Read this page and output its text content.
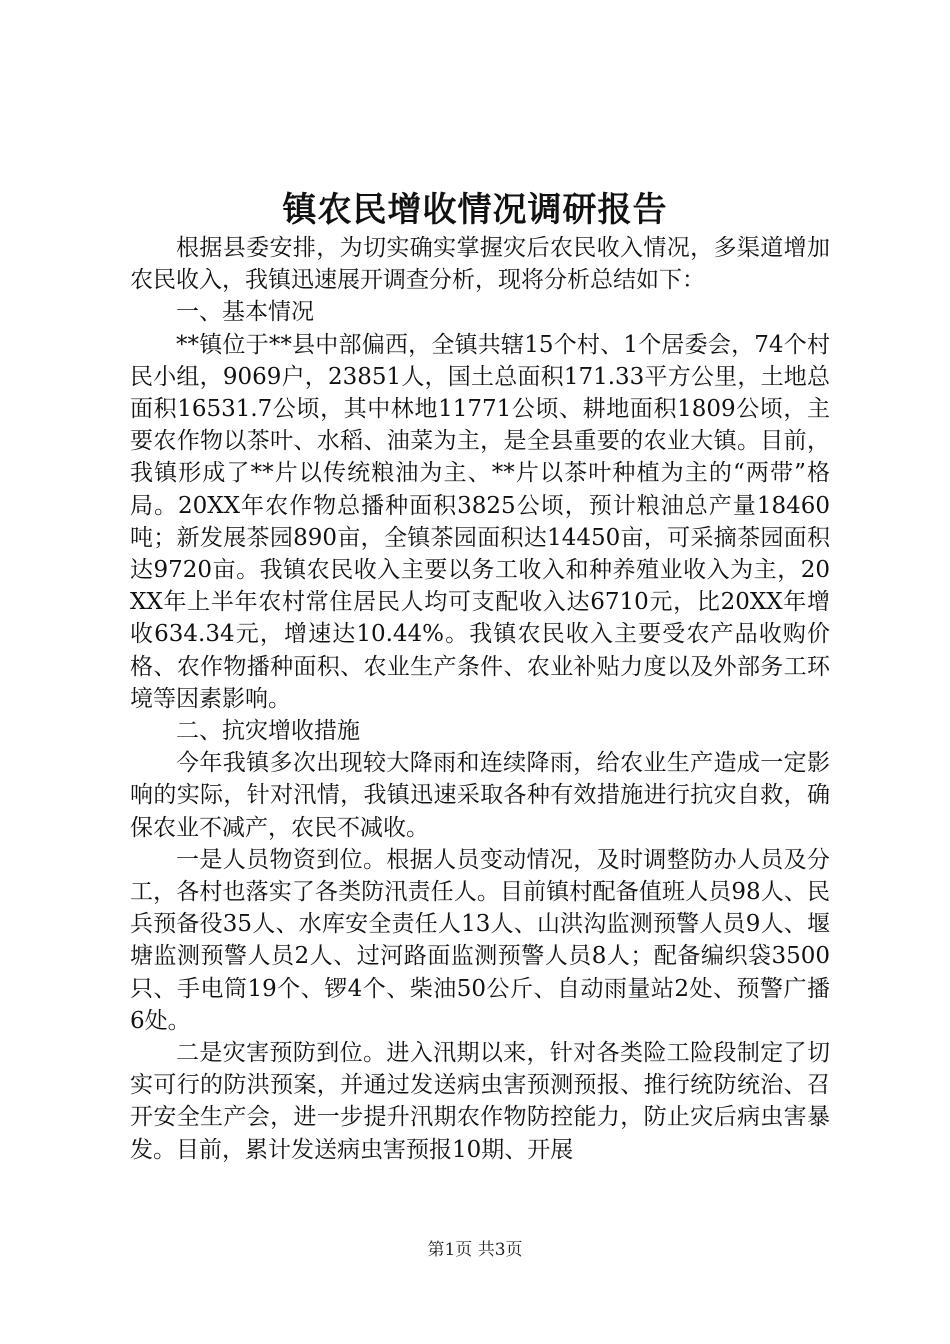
镇农民增收情况调研报告

根据县委安排，为切实确实掌握灾后农民收入情况，多渠道增加农民收入，我镇迅速展开调查分析，现将分析总结如下：

一、基本情况

**镇位于**县中部偏西，全镇共辖15个村、1个居委会，74个村民小组，9069户，23851人，国土总面积171.33平方公里，土地总面积16531.7公顷，其中林地11771公顷、耕地面积1809公顷，主要农作物以茶叶、水稻、油菜为主，是全县重要的农业大镇。目前，我镇形成了**片以传统粮油为主、**片以茶叶种植为主的“两带”格局。20XX年农作物总播种面积3825公顷，预计粮油总产量18460吨；新发展茶园890亩，全镇茶园面积达14450亩，可采摘茶园面积达9720亩。我镇农民收入主要以务工收入和种养殖业收入为主，20XX年上半年农村常住居民人均可支配收入达6710元，比20XX年增收634.34元，增速达10.44%。我镇农民收入主要受农产品收购价格、农作物播种面积、农业生产条件、农业补贴力度以及外部务工环境等因素影响。

二、抗灾增收措施

今年我镇多次出现较大降雨和连续降雨，给农业生产造成一定影响的实际，针对汛情，我镇迅速采取各种有效措施进行抗灾自救，确保农业不减产，农民不减收。

一是人员物资到位。根据人员变动情况，及时调整防办人员及分工，各村也落实了各类防汛责任人。目前镇村配备值班人员98人、民兵预备役35人、水库安全责任人13人、山洪沟监测预警人员9人、堰塘监测预警人员2人、过河路面监测预警人员8人；配备编织袋3500只、手电筒19个、锣4个、柴油50公斤、自动雨量站2处、预警广播6处。

二是灾害预防到位。进入汛期以来，针对各类险工险段制定了切实可行的防洪预案，并通过发送病虫害预测预报、推行统防统治、召开安全生产会，进一步提升汛期农作物防控能力，防止灾后病虫害暴发。目前，累计发送病虫害预报10期、开展

第1页 共3页
